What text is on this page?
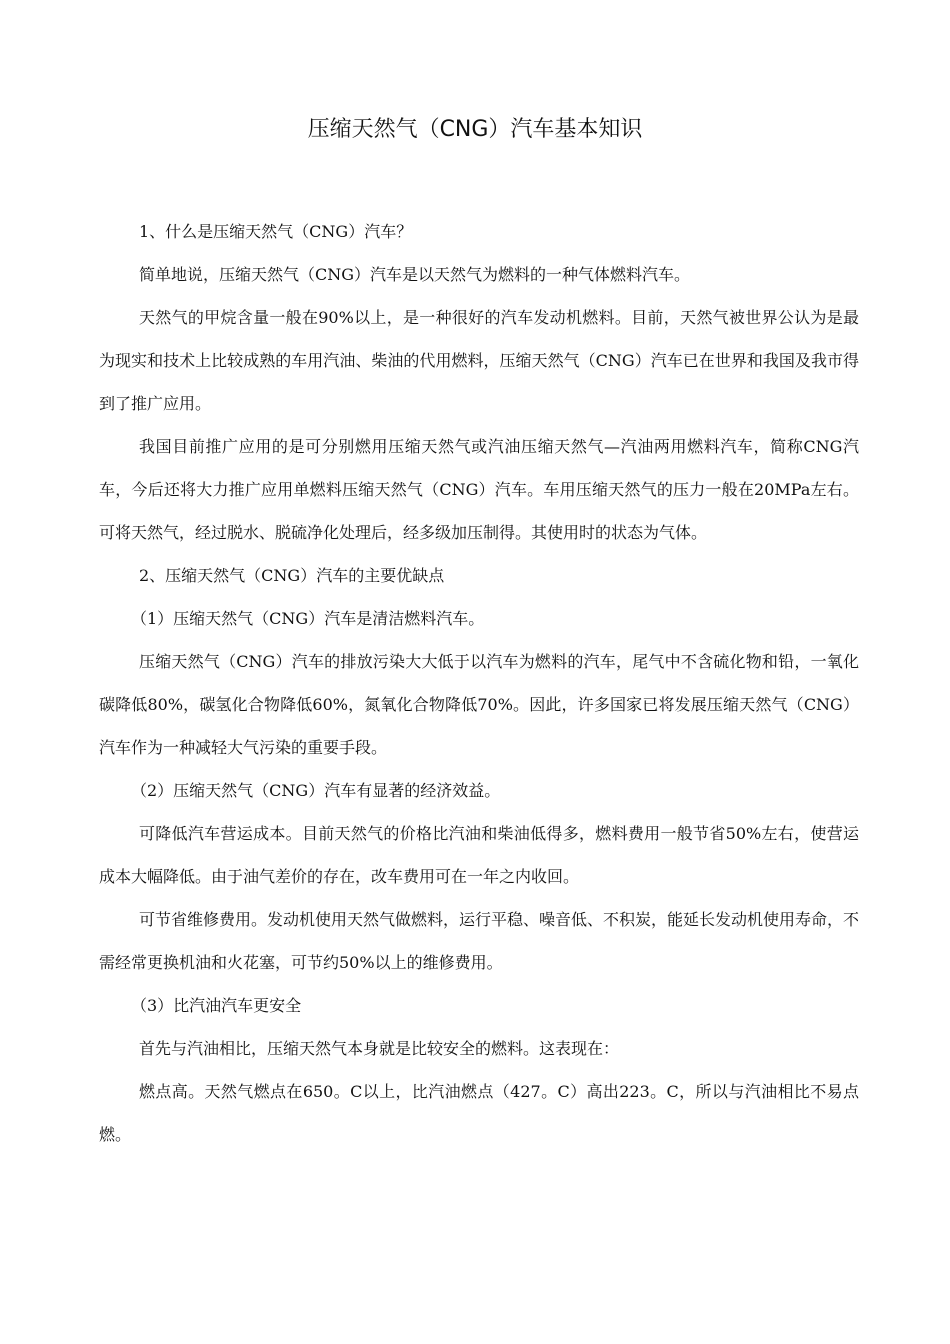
压缩天然气（CNG）汽车基本知识

1、什么是压缩天然气（CNG）汽车？

简单地说，压缩天然气（CNG）汽车是以天然气为燃料的一种气体燃料汽车。

天然气的甲烷含量一般在90%以上，是一种很好的汽车发动机燃料。目前，天然气被世界公认为是最为现实和技术上比较成熟的车用汽油、柴油的代用燃料，压缩天然气（CNG）汽车已在世界和我国及我市得到了推广应用。

我国目前推广应用的是可分别燃用压缩天然气或汽油压缩天然气—汽油两用燃料汽车，简称CNG汽车，今后还将大力推广应用单燃料压缩天然气（CNG）汽车。车用压缩天然气的压力一般在20MPa左右。可将天然气，经过脱水、脱硫净化处理后，经多级加压制得。其使用时的状态为气体。

2、压缩天然气（CNG）汽车的主要优缺点

（1）压缩天然气（CNG）汽车是清洁燃料汽车。

压缩天然气（CNG）汽车的排放污染大大低于以汽车为燃料的汽车，尾气中不含硫化物和铅，一氧化碳降低80%，碳氢化合物降低60%，氮氧化合物降低70%。因此，许多国家已将发展压缩天然气（CNG）汽车作为一种减轻大气污染的重要手段。

（2）压缩天然气（CNG）汽车有显著的经济效益。

可降低汽车营运成本。目前天然气的价格比汽油和柴油低得多，燃料费用一般节省50%左右，使营运成本大幅降低。由于油气差价的存在，改车费用可在一年之内收回。

可节省维修费用。发动机使用天然气做燃料，运行平稳、噪音低、不积炭，能延长发动机使用寿命，不需经常更换机油和火花塞，可节约50%以上的维修费用。

（3）比汽油汽车更安全

首先与汽油相比，压缩天然气本身就是比较安全的燃料。这表现在：

燃点高。天然气燃点在650。C以上，比汽油燃点（427。C）高出223。C，所以与汽油相比不易点燃。
